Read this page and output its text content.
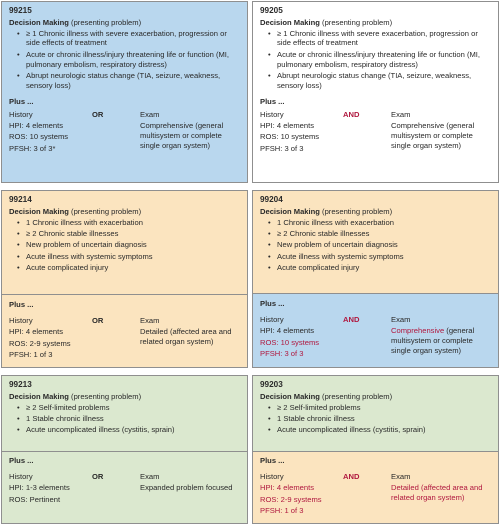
99215
Decision Making (presenting problem)
• ≥ 1 Chronic illness with severe exacerbation, progression or side effects of treatment
• Acute or chronic illness/injury threatening life or function (MI, pulmonary embolism, respiratory distress)
• Abrupt neurologic status change (TIA, seizure, weakness, sensory loss)
Plus ...
History
HPI: 4 elements
ROS: 10 systems
PFSH: 3 of 3*
OR	Exam
Comprehensive (general multisystem or complete single organ system)
99205
Decision Making (presenting problem)
• ≥ 1 Chronic illness with severe exacerbation, progression or side effects of treatment
• Acute or chronic illness/injury threatening life or function (MI, pulmonary embolism, respiratory distress)
• Abrupt neurologic status change (TIA, seizure, weakness, sensory loss)
Plus ...
History
HPI: 4 elements
ROS: 10 systems
PFSH: 3 of 3
AND	Exam
Comprehensive (general multisystem or complete single organ system)
99214
Decision Making (presenting problem)
• 1 Chronic illness with exacerbation
• ≥ 2 Chronic stable illnesses
• New problem of uncertain diagnosis
• Acute illness with systemic symptoms
• Acute complicated injury
Plus ...
History
HPI: 4 elements
ROS: 2-9 systems
PFSH: 1 of 3
OR	Exam
Detailed (affected area and related organ system)
99204
Decision Making (presenting problem)
• 1 Chronic illness with exacerbation
• ≥ 2 Chronic stable illnesses
• New problem of uncertain diagnosis
• Acute illness with systemic symptoms
• Acute complicated injury
Plus ...
History
HPI: 4 elements
ROS: 10 systems
PFSH: 3 of 3
AND	Exam
Comprehensive (general multisystem or complete single organ system)
99213
Decision Making (presenting problem)
• ≥ 2 Self-limited problems
• 1 Stable chronic illness
• Acute uncomplicated illness (cystitis, sprain)
Plus ...
History
HPI: 1-3 elements
ROS: Pertinent
OR	Exam
Expanded problem focused
99203
Decision Making (presenting problem)
• ≥ 2 Self-limited problems
• 1 Stable chronic illness
• Acute uncomplicated illness (cystitis, sprain)
Plus ...
History
HPI: 4 elements
ROS: 2-9 systems
PFSH: 1 of 3
AND	Exam
Detailed (affected area and related organ system)
